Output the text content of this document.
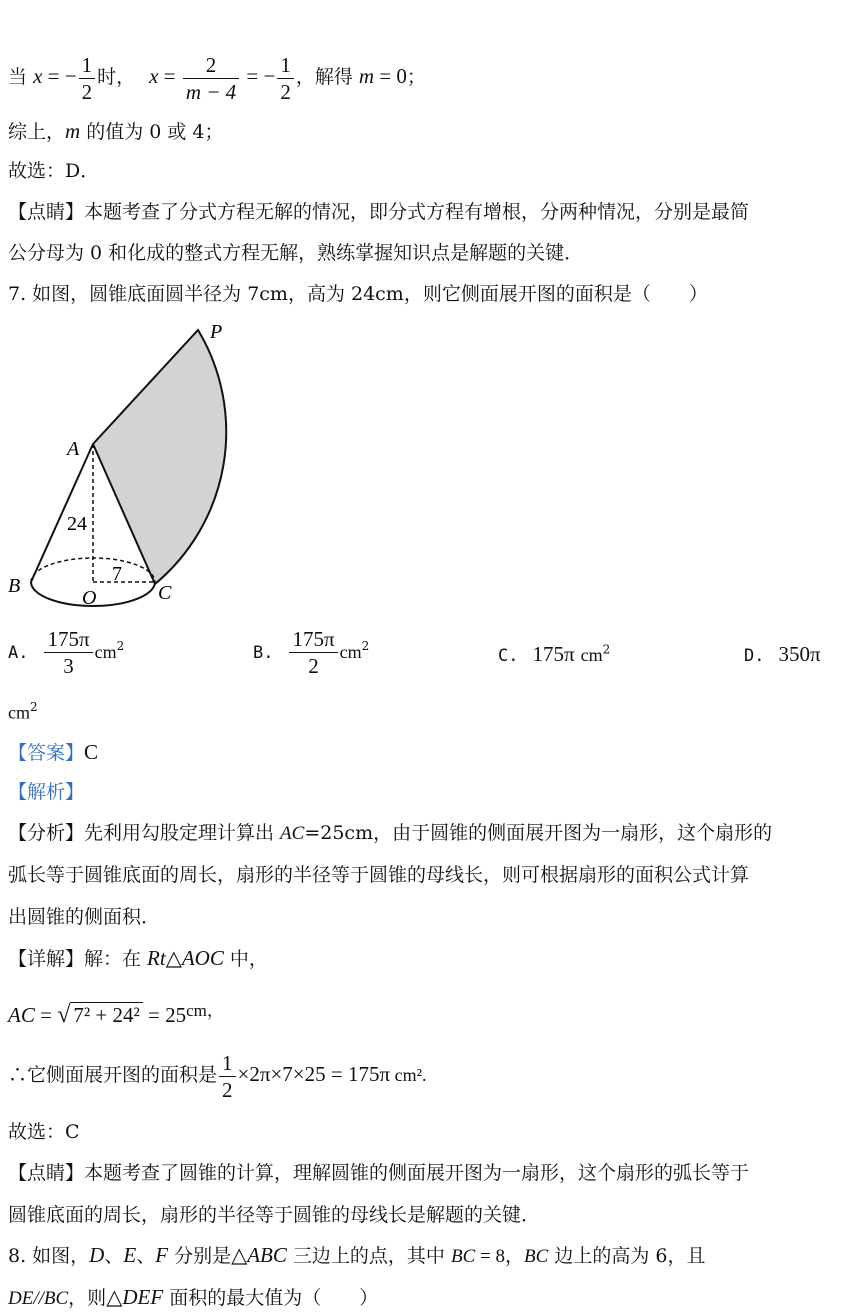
当 x = − $\frac{1}{2}$ 时， $x = \frac{2}{m - 4}$ = − $\frac{1}{2}$ ，解得 m = 0；
综上，m 的值为 0 或 4；
故选：D．
【点睛】本题考查了分式方程无解的情况，即分式方程有增根，分两种情况，分别是最简
公分母为 0 和化成的整式方程无解，熟练掌握知识点是解题的关键．
7. 如图，圆锥底面圆半径为 7cm，高为 24cm，则它侧面展开图的面积是（　　）
P
A
B
O	C
24
7
A. $\frac{175\pi}{3} cm^2$	B. $\frac{175\pi}{2} cm^2$	C. 175π $cm^2$	D. 350π
$cm^2$
【答案】C
【解析】
【分析】先利用勾股定理计算出 AC=25cm，由于圆锥的侧面展开图为一扇形，这个扇形的
弧长等于圆锥底面的周长，扇形的半径等于圆锥的母线长，则可根据扇形的面积公式计算
出圆锥的侧面积．
【详解】解：在 Rt△AOC 中，
AC = √ 7² + 24² = 25cm，
∴它侧面展开图的面积是 $\frac{1}{2} \times 2\pi\times 7\times 25 = 175\pi$ cm².
故选：C
【点睛】本题考查了圆锥的计算，理解圆锥的侧面展开图为一扇形，这个扇形的弧长等于
圆锥底面的周长，扇形的半径等于圆锥的母线长是解题的关键．
8. 如图，D、E、F 分别是△ABC 三边上的点，其中 BC = 8，BC 边上的高为 6，且
DE//BC，则△DEF 面积的最大值为（　　）
